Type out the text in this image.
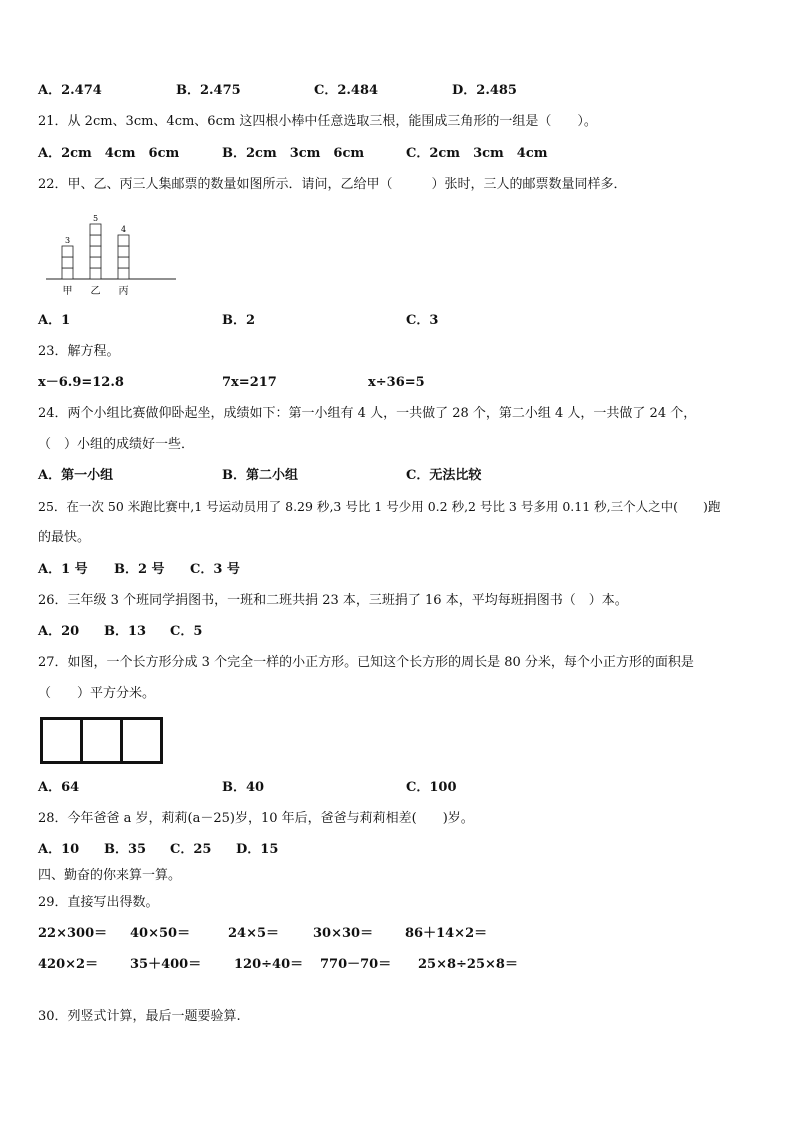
A．2.474	B．2.475	C．2.484	D．2.485
21．从 2cm、3cm、4cm、6cm 这四根小棒中任意选取三根，能围成三角形的一组是（　　）。
A．2cm　4cm　6cm	B．2cm　3cm　6cm	C．2cm　3cm　4cm
22．甲、乙、丙三人集邮票的数量如图所示．请问，乙给甲（　　　）张时，三人的邮票数量同样多．
3
甲
5
乙
4
丙
A．1	B．2	C．3
23．解方程。
x－6.9=12.8	7x=217	x÷36=5
24．两个小组比赛做仰卧起坐，成绩如下：第一小组有 4 人，一共做了 28 个，第二小组 4 人，一共做了 24 个，
（　）小组的成绩好一些．
A．第一小组	B．第二小组	C．无法比较
25．在一次 50 米跑比赛中,1 号运动员用了 8.29 秒,3 号比 1 号少用 0.2 秒,2 号比 3 号多用 0.11 秒,三个人之中(　　)跑
的最快。
A．1 号 B．2 号 C．3 号
26．三年级 3 个班同学捐图书，一班和二班共捐 23 本，三班捐了 16 本，平均每班捐图书（　）本。
A．20 B．13 C．5
27．如图，一个长方形分成 3 个完全一样的小正方形。已知这个长方形的周长是 80 分米，每个小正方形的面积是
（　　）平方分米。
A．64	B．40	C．100
28．今年爸爸 a 岁，莉莉(a－25)岁，10 年后，爸爸与莉莉相差(　　)岁。
A．10 B．35 C．25 D．15
四、勤奋的你来算一算。
29．直接写出得数。
22×300＝ 40×50＝	24×5＝	30×30＝ 86＋14×2＝
420×2＝ 35＋400＝	120÷40＝ 770－70＝ 25×8÷25×8＝
30．列竖式计算，最后一题要验算.
